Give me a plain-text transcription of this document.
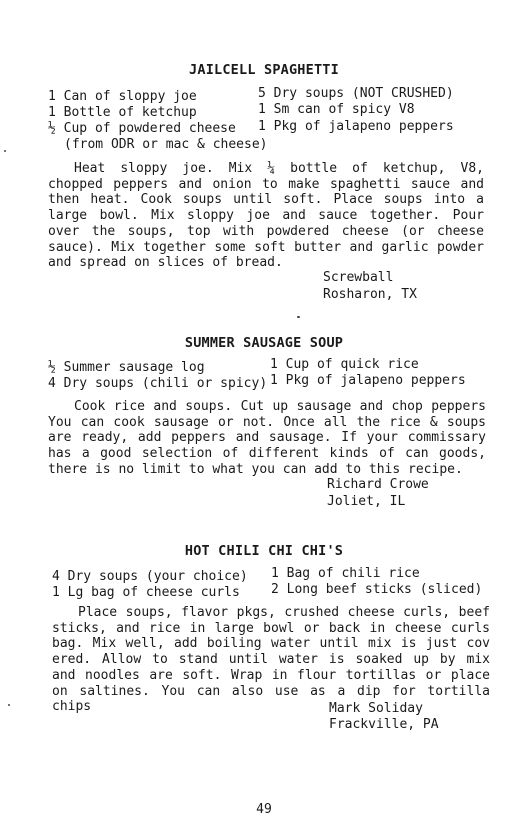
JAILCELL SPAGHETTI
1 Can of sloppy joe
1 Bottle of ketchup
½ Cup of powdered cheese
(from ODR or mac & cheese)
5 Dry soups (NOT CRUSHED)
1 Sm can of spicy V8
1 Pkg of jalapeno peppers
Heat sloppy joe. Mix ¼ bottle of ketchup, V8, chopped peppers and onion to make spaghetti sauce and then heat. Cook soups until soft. Place soups into a large bowl. Mix sloppy joe and sauce together. Pour over the soups, top with powdered cheese (or cheese sauce). Mix together some soft butter and garlic powder and spread on slices of bread.
Screwball
Rosharon, TX
SUMMER SAUSAGE SOUP
½ Summer sausage log
4 Dry soups (chili or spicy)
1 Cup of quick rice
1 Pkg of jalapeno peppers
Cook rice and soups. Cut up sausage and chop peppers You can cook sausage or not. Once all the rice & soups are ready, add peppers and sausage. If your commissary has a good selection of different kinds of can goods, there is no limit to what you can add to this recipe.
Richard Crowe
Joliet, IL
HOT CHILI CHI CHI'S
4 Dry soups (your choice)
1 Lg bag of cheese curls
1 Bag of chili rice
2 Long beef sticks (sliced)
Place soups, flavor pkgs, crushed cheese curls, beef sticks, and rice in large bowl or back in cheese curls bag. Mix well, add boiling water until mix is just cov ered. Allow to stand until water is soaked up by mix and noodles are soft. Wrap in flour tortillas or place on saltines. You can also use as a dip for tortilla chips	Mark Soliday
Frackville, PA
49
